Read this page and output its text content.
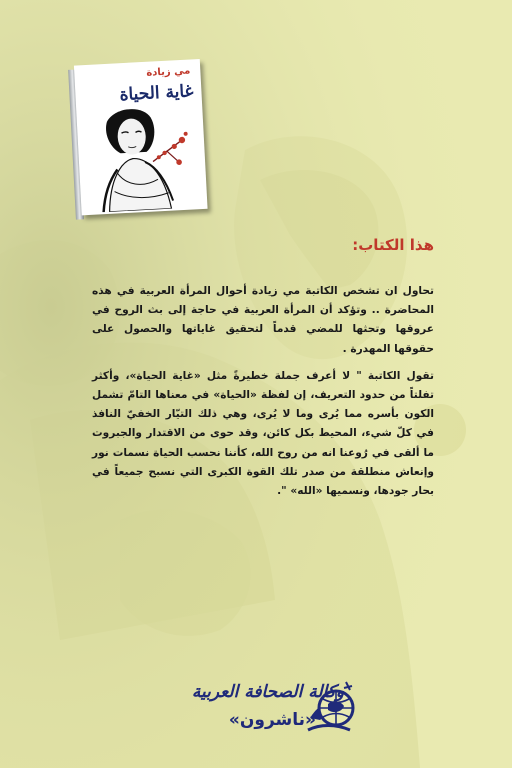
مي زيادة
غاية الحياة
هذا الكتاب:

تحاول ان تشخص الكاتبة مي زيادة أحوال المرأة العربية في هذه المحاضرة .. وتؤكد أن المرأة العربية في حاجة إلى بث الروح في عروقها وتحثها للمضي قدماً لتحقيق غاياتها والحصول على حقوقها المهدرة .

تقول الكاتبة " لا أعرف جملة خطيرةً مثل «غاية الحياة»، وأكثر تفلتاً من حدود التعريف، إن لفظة «الحياة» في معناها التامّ تشمل الكون بأسره مما يُرى وما لا يُرى، وهي ذلك التيّار الخفيّ النافذ في كلّ شيء، المحيط بكل كائن، وقد حوى من الاقتدار والجبروت ما ألقى في رُوعنا انه من روح الله، كأننا نحسب الحياة نسمات نور وإنعاش منطلقة من صدر تلك القوة الكبرى التي نسبح جميعاً في بحار جودها، ونسميها «الله» ".

وكالة الصحافة العربية
«ناشرون»
